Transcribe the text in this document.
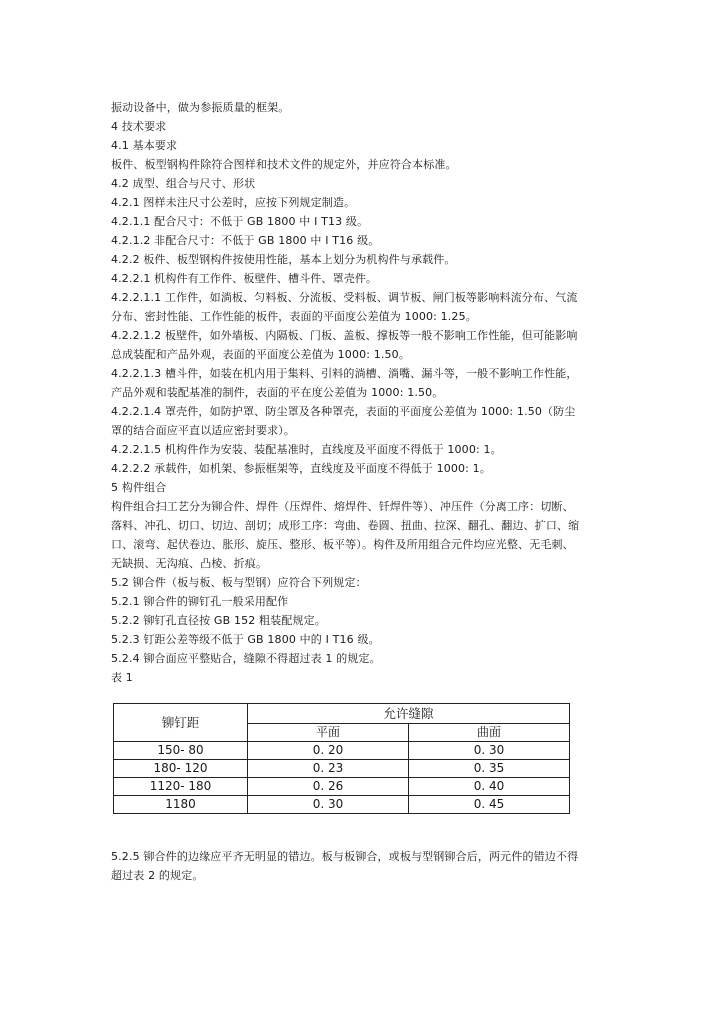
振动设备中，做为参振质量的框架。
4 技术要求
4.1 基本要求
板件、板型钢构件除符合图样和技术文件的规定外，并应符合本标准。
4.2 成型、组合与尺寸、形状
4.2.1 图样未注尺寸公差时，应按下列规定制造。
4.2.1.1 配合尺寸：不低于 GB 1800 中 I T13 级。
4.2.1.2 非配合尺寸：不低于 GB 1800 中 I T16 级。
4.2.2 板件、板型钢构件按使用性能，基本上划分为机构件与承载件。
4.2.2.1 机构件有工作件、板壁件、槽斗件、罩壳件。
4.2.2.1.1 工作件，如淌板、匀料板、分流板、受料板、调节板、闸门板等影响料流分布、气流
分布、密封性能、工作性能的板件，表面的平面度公差值为 1000: 1.25。
4.2.2.1.2 板壁件，如外墙板、内隔板、门板、盖板、撑板等一般不影响工作性能，但可能影响
总成装配和产品外观，表面的平面度公差值为 1000: 1.50。
4.2.2.1.3 槽斗件，如装在机内用于集料、引料的淌槽、淌嘴、漏斗等，一般不影响工作性能，
产品外观和装配基准的制件，表面的平在度公差值为 1000: 1.50。
4.2.2.1.4 罩壳件，如防护罩、防尘罩及各种罩壳，表面的平面度公差值为 1000: 1.50（防尘
罩的结合面应平直以适应密封要求）。
4.2.2.1.5 机构件作为安装、装配基准时，直线度及平面度不得低于 1000: 1。
4.2.2.2 承载件，如机架、参振框架等，直线度及平面度不得低于 1000: 1。
5 构件组合
构件组合扫工艺分为铆合件、焊件（压焊件、熔焊件、钎焊件等）、冲压件（分离工序：切断、
落料、冲孔、切口、切边、剖切；成形工序：弯曲、卷圆、扭曲、拉深、翻孔、翻边、扩口、缩
口、滚弯、起伏卷边、胀形、旋压、整形、板平等）。构件及所用组合元件均应光整、无毛刺、
无缺损、无沟痕、凸棱、折痕。
5.2 铆合件（板与板、板与型钢）应符合下列规定：
5.2.1 铆合件的铆钉孔一般采用配作
5.2.2 铆钉孔直径按 GB 152 粗装配规定。
5.2.3 钉距公差等级不低于 GB 1800 中的 I T16 级。
5.2.4 铆合面应平整贴合，缝隙不得超过表 1 的规定。
表 1
铆钉距	允许缝隙	
	平面	曲面
150- 80	0. 20	0. 30
180- 120	0. 23	0. 35
1120- 180	0. 26	0. 40
1180	0. 30	0. 45
5.2.5 铆合件的边缘应平齐无明显的错边。板与板铆合，或板与型钢铆合后，两元件的错边不得
超过表 2 的规定。
